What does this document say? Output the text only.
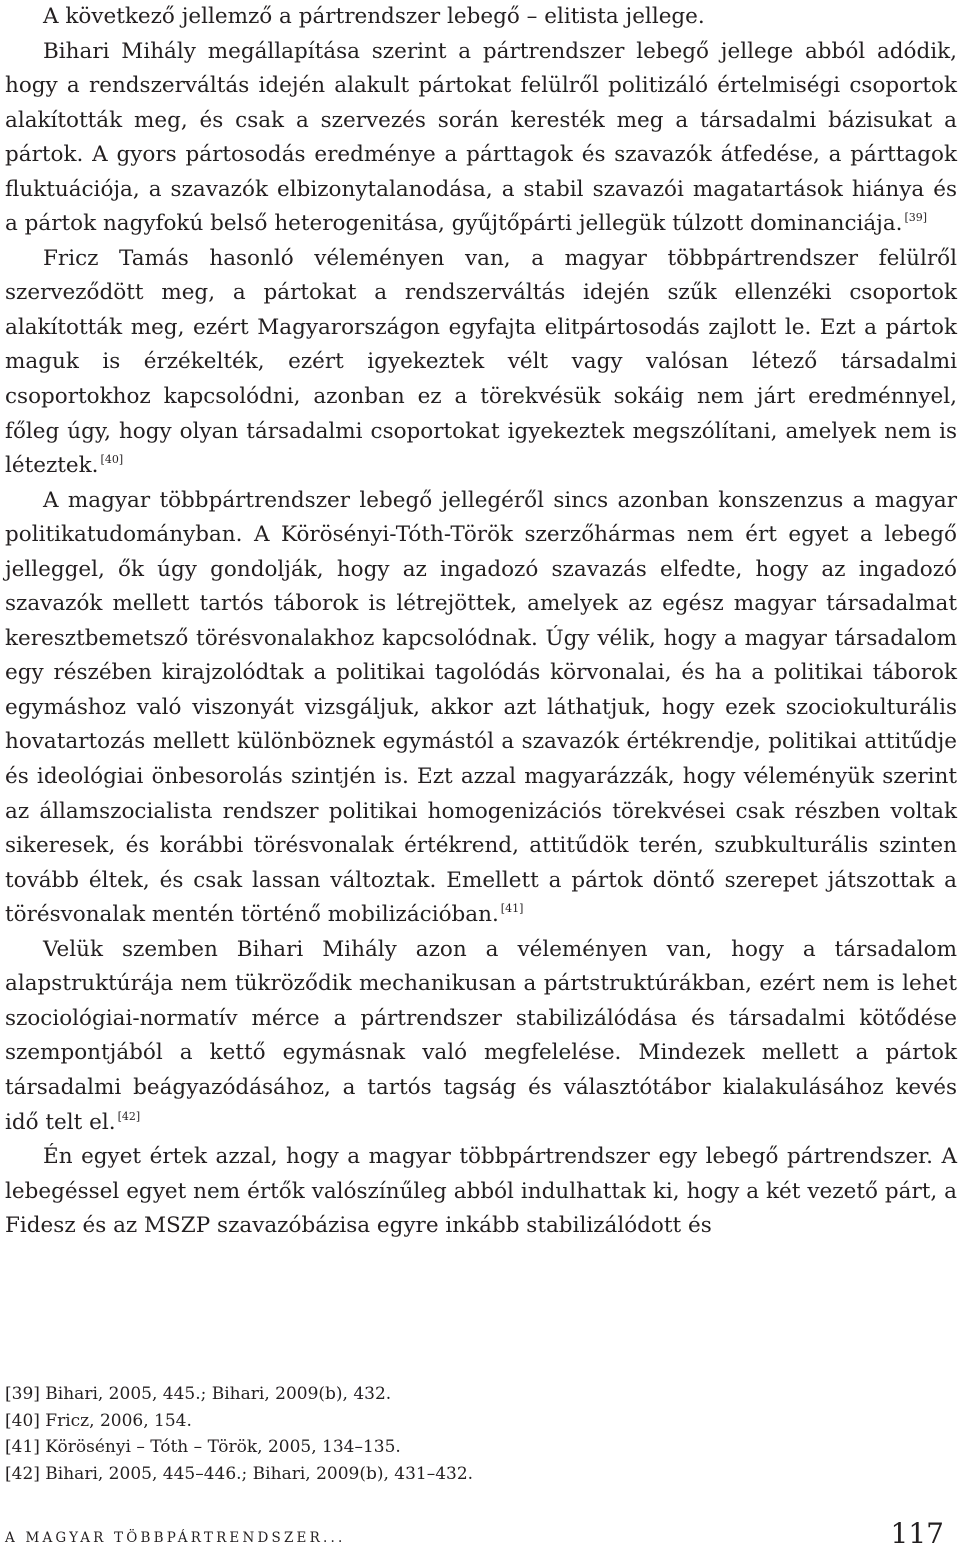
A következő jellemző a pártrendszer lebegő – elitista jellege.

Bihari Mihály megállapítása szerint a pártrendszer lebegő jellege abból adódik, hogy a rendszerváltás idején alakult pártokat felülről politizáló értelmiségi csoportok alakították meg, és csak a szervezés során keresték meg a társadalmi bázisukat a pártok. A gyors pártosodás eredménye a párttagok és szavazók átfedése, a párttagok fluktuációja, a szavazók elbizonytalanodása, a stabil szavazói magatartások hiánya és a pártok nagyfokú belső heterogenitása, gyűjtőpárti jellegük túlzott dominanciája. [39]

Fricz Tamás hasonló véleményen van, a magyar többpártrendszer felülről szerveződött meg, a pártokat a rendszerváltás idején szűk ellenzéki csoportok alakították meg, ezért Magyarországon egyfajta elitpártosodás zajlott le. Ezt a pártok maguk is érzékelték, ezért igyekeztek vélt vagy valósan létező társadalmi csoportokhoz kapcsolódni, azonban ez a törekvésük sokáig nem járt eredménnyel, főleg úgy, hogy olyan társadalmi csoportokat igyekeztek megszólítani, amelyek nem is léteztek. [40]

A magyar többpártrendszer lebegő jellegéről sincs azonban konszenzus a magyar politikatudományban. A Körösényi-Tóth-Török szerzőhármas nem ért egyet a lebegő jelleggel, ők úgy gondolják, hogy az ingadozó szavazás elfedte, hogy az ingadozó szavazók mellett tartós táborok is létrejöttek, amelyek az egész magyar társadalmat keresztbemetsző törésvonalakhoz kapcsolódnak. Úgy vélik, hogy a magyar társadalom egy részében kirajzolódtak a politikai tagolódás körvonalai, és ha a politikai táborok egymáshoz való viszonyát vizsgáljuk, akkor azt láthatjuk, hogy ezek szociokulturális hovatartozás mellett különböznek egymástól a szavazók értékrendje, politikai attitűdje és ideológiai önbesorolás szintjén is. Ezt azzal magyarázzák, hogy véleményük szerint az államszocialista rendszer politikai homogenizációs törekvései csak részben voltak sikeresek, és korábbi törésvonalak értékrend, attitűdök terén, szubkulturális szinten tovább éltek, és csak lassan változtak. Emellett a pártok döntő szerepet játszottak a törésvonalak mentén történő mobilizációban. [41]

Velük szemben Bihari Mihály azon a véleményen van, hogy a társadalom alapstruktúrája nem tükröződik mechanikusan a pártstruktúrákban, ezért nem is lehet szociológiai-normatív mérce a pártrendszer stabilizálódása és társadalmi kötődése szempontjából a kettő egymásnak való megfelelése. Mindezek mellett a pártok társadalmi beágyazódásához, a tartós tagság és választótábor kialakulásához kevés idő telt el. [42]

Én egyet értek azzal, hogy a magyar többpártrendszer egy lebegő pártrendszer. A lebegéssel egyet nem értők valószínűleg abból indulhattak ki, hogy a két vezető párt, a Fidesz és az MSZP szavazóbázisa egyre inkább stabilizálódott és

[39] Bihari, 2005, 445.; Bihari, 2009(b), 432.
[40] Fricz, 2006, 154.
[41] Körösényi – Tóth – Török, 2005, 134–135.
[42] Bihari, 2005, 445–446.; Bihari, 2009(b), 431–432.
A MAGYAR TÖBBPÁRTRENDSZER...	117
